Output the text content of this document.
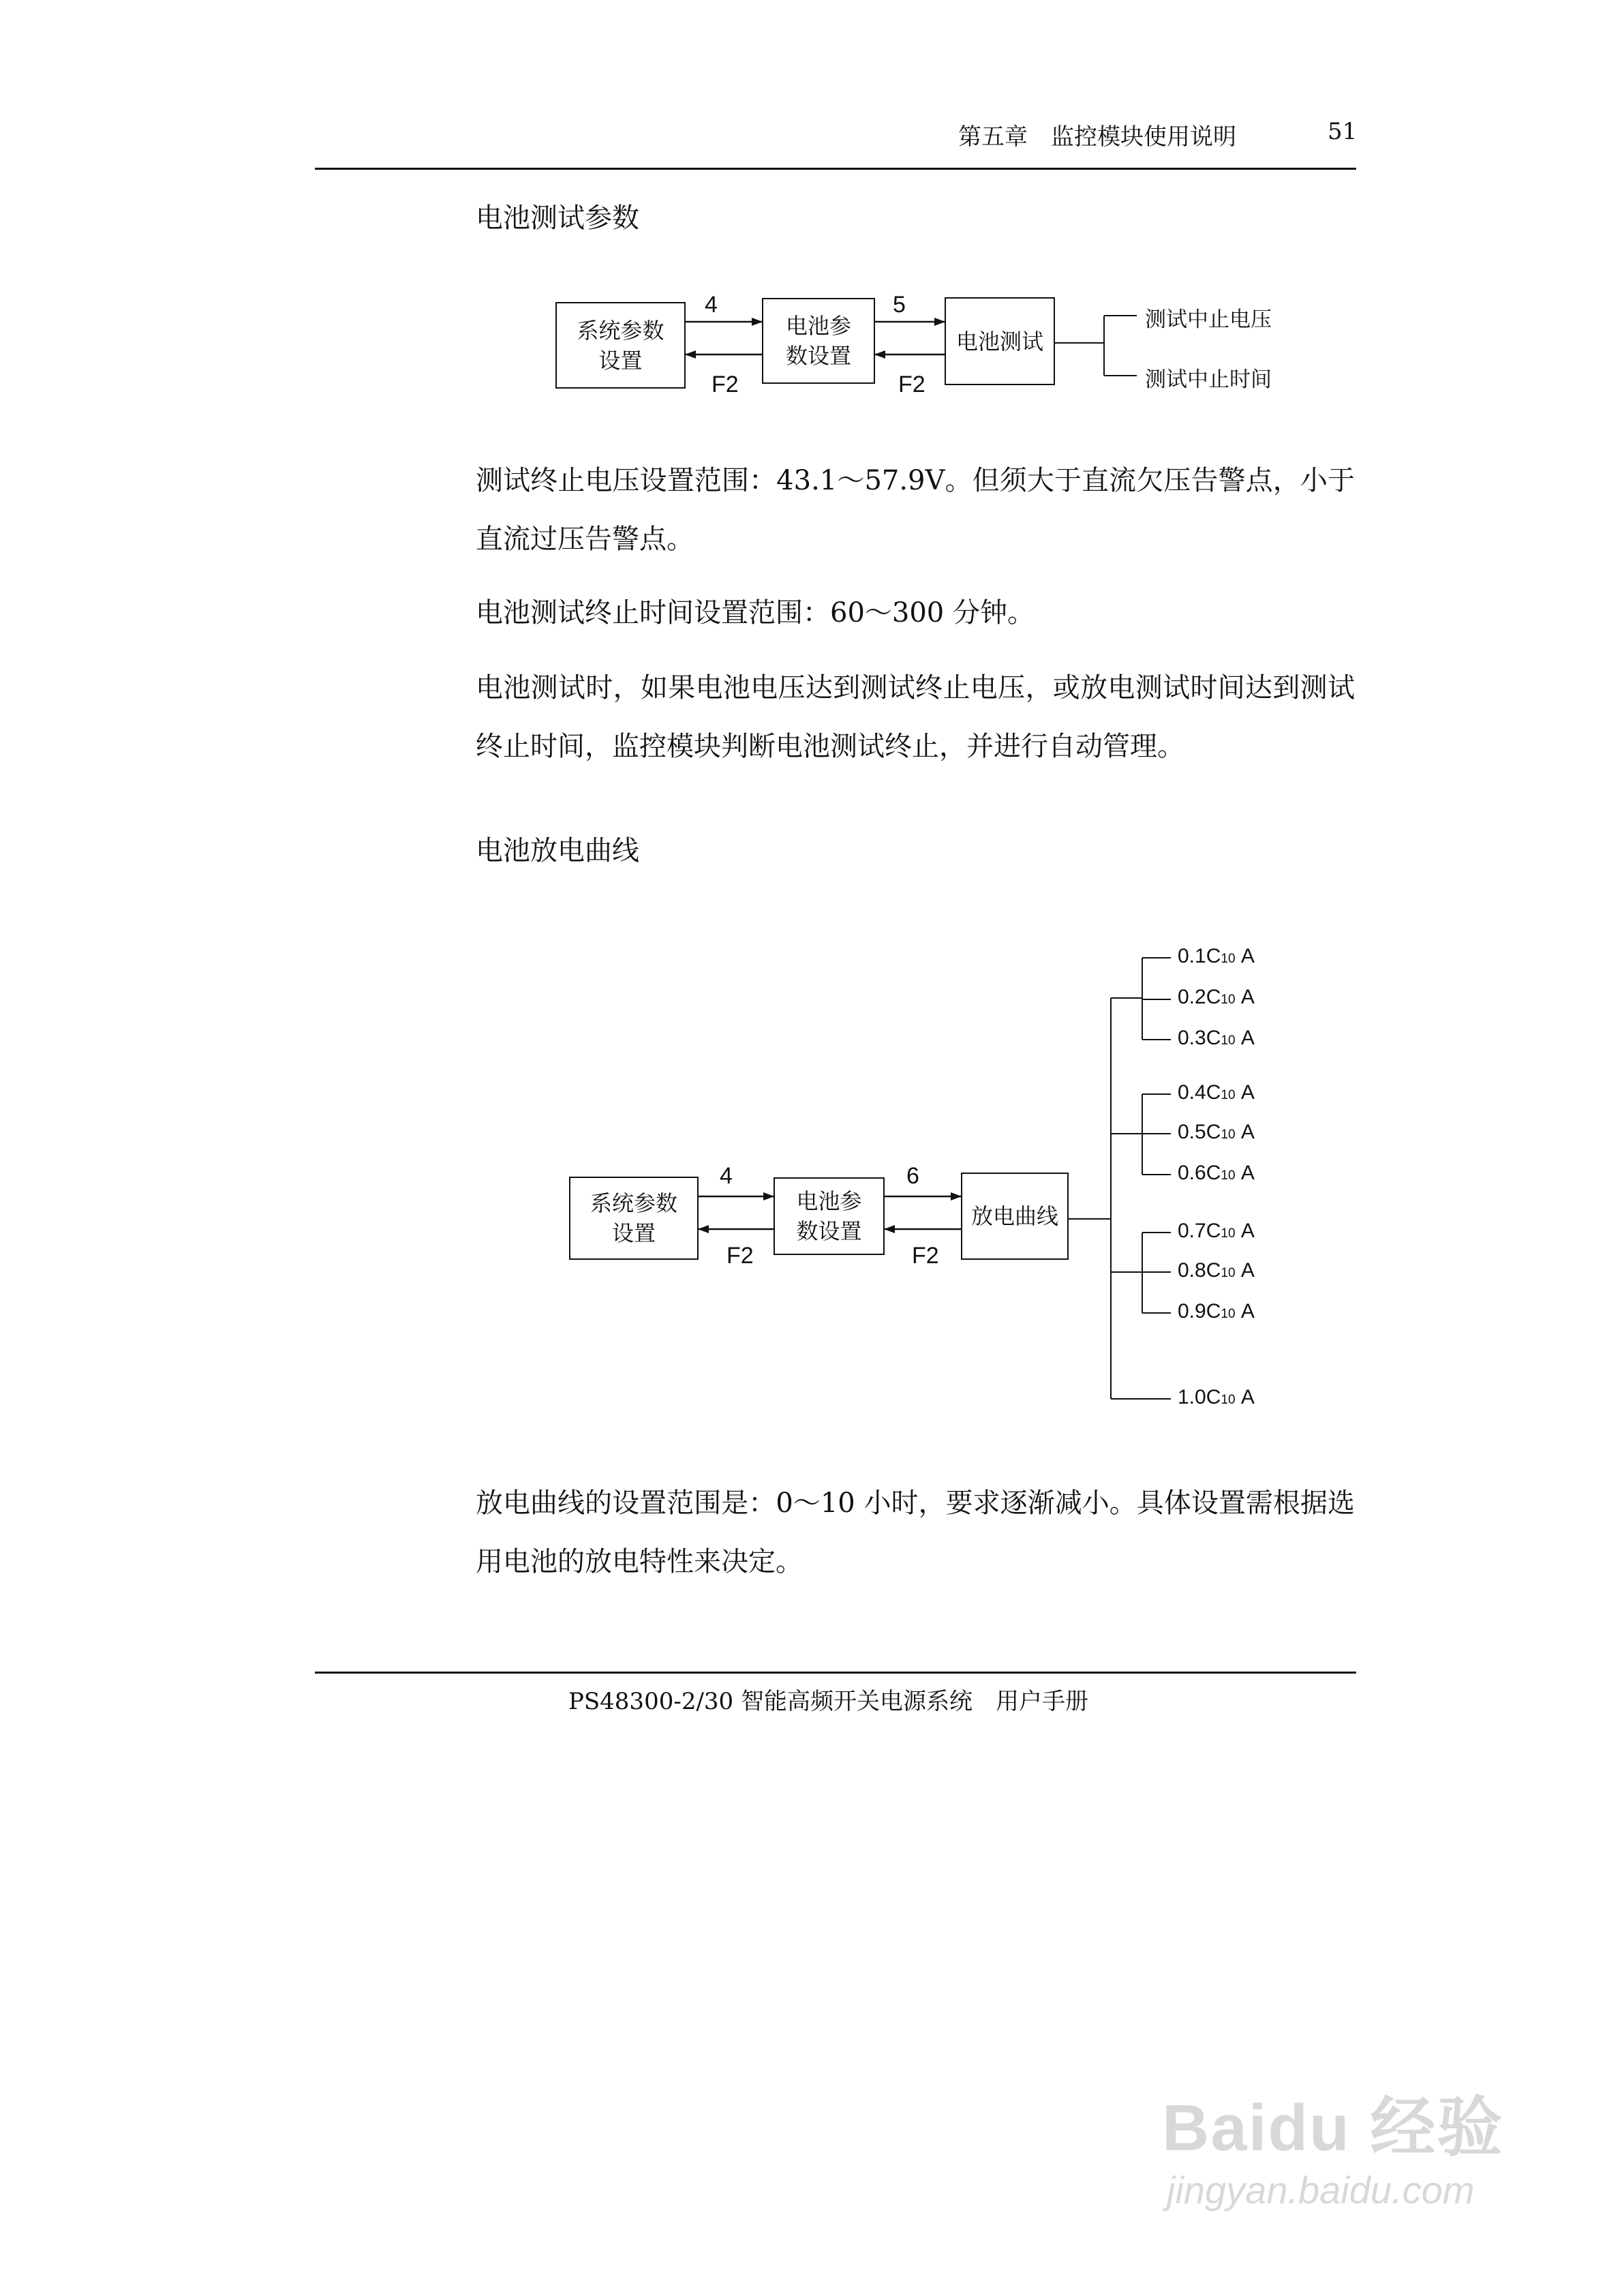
第五章　监控模块使用说明	51
电池测试参数
系统参数设置
电池参数设置
电池测试
4	5
F2	F2
测试中止电压
测试中止时间
测试终止电压设置范围：43.1～57.9V。但须大于直流欠压告警点，小于直流过压告警点。
电池测试终止时间设置范围：60～300 分钟。
电池测试时，如果电池电压达到测试终止电压，或放电测试时间达到测试终止时间，监控模块判断电池测试终止，并进行自动管理。
电池放电曲线
系统参数设置
电池参数设置
放电曲线
4	6
F2	F2
0.1C10 A
0.2C10 A
0.3C10 A
0.4C10 A
0.5C10 A
0.6C10 A
0.7C10 A
0.8C10 A
0.9C10 A
1.0C10 A
放电曲线的设置范围是：0～10 小时，要求逐渐减小。具体设置需根据选用电池的放电特性来决定。
PS48300-2/30 智能高频开关电源系统　用户手册
Baidu 经验
jingyan.baidu.com
